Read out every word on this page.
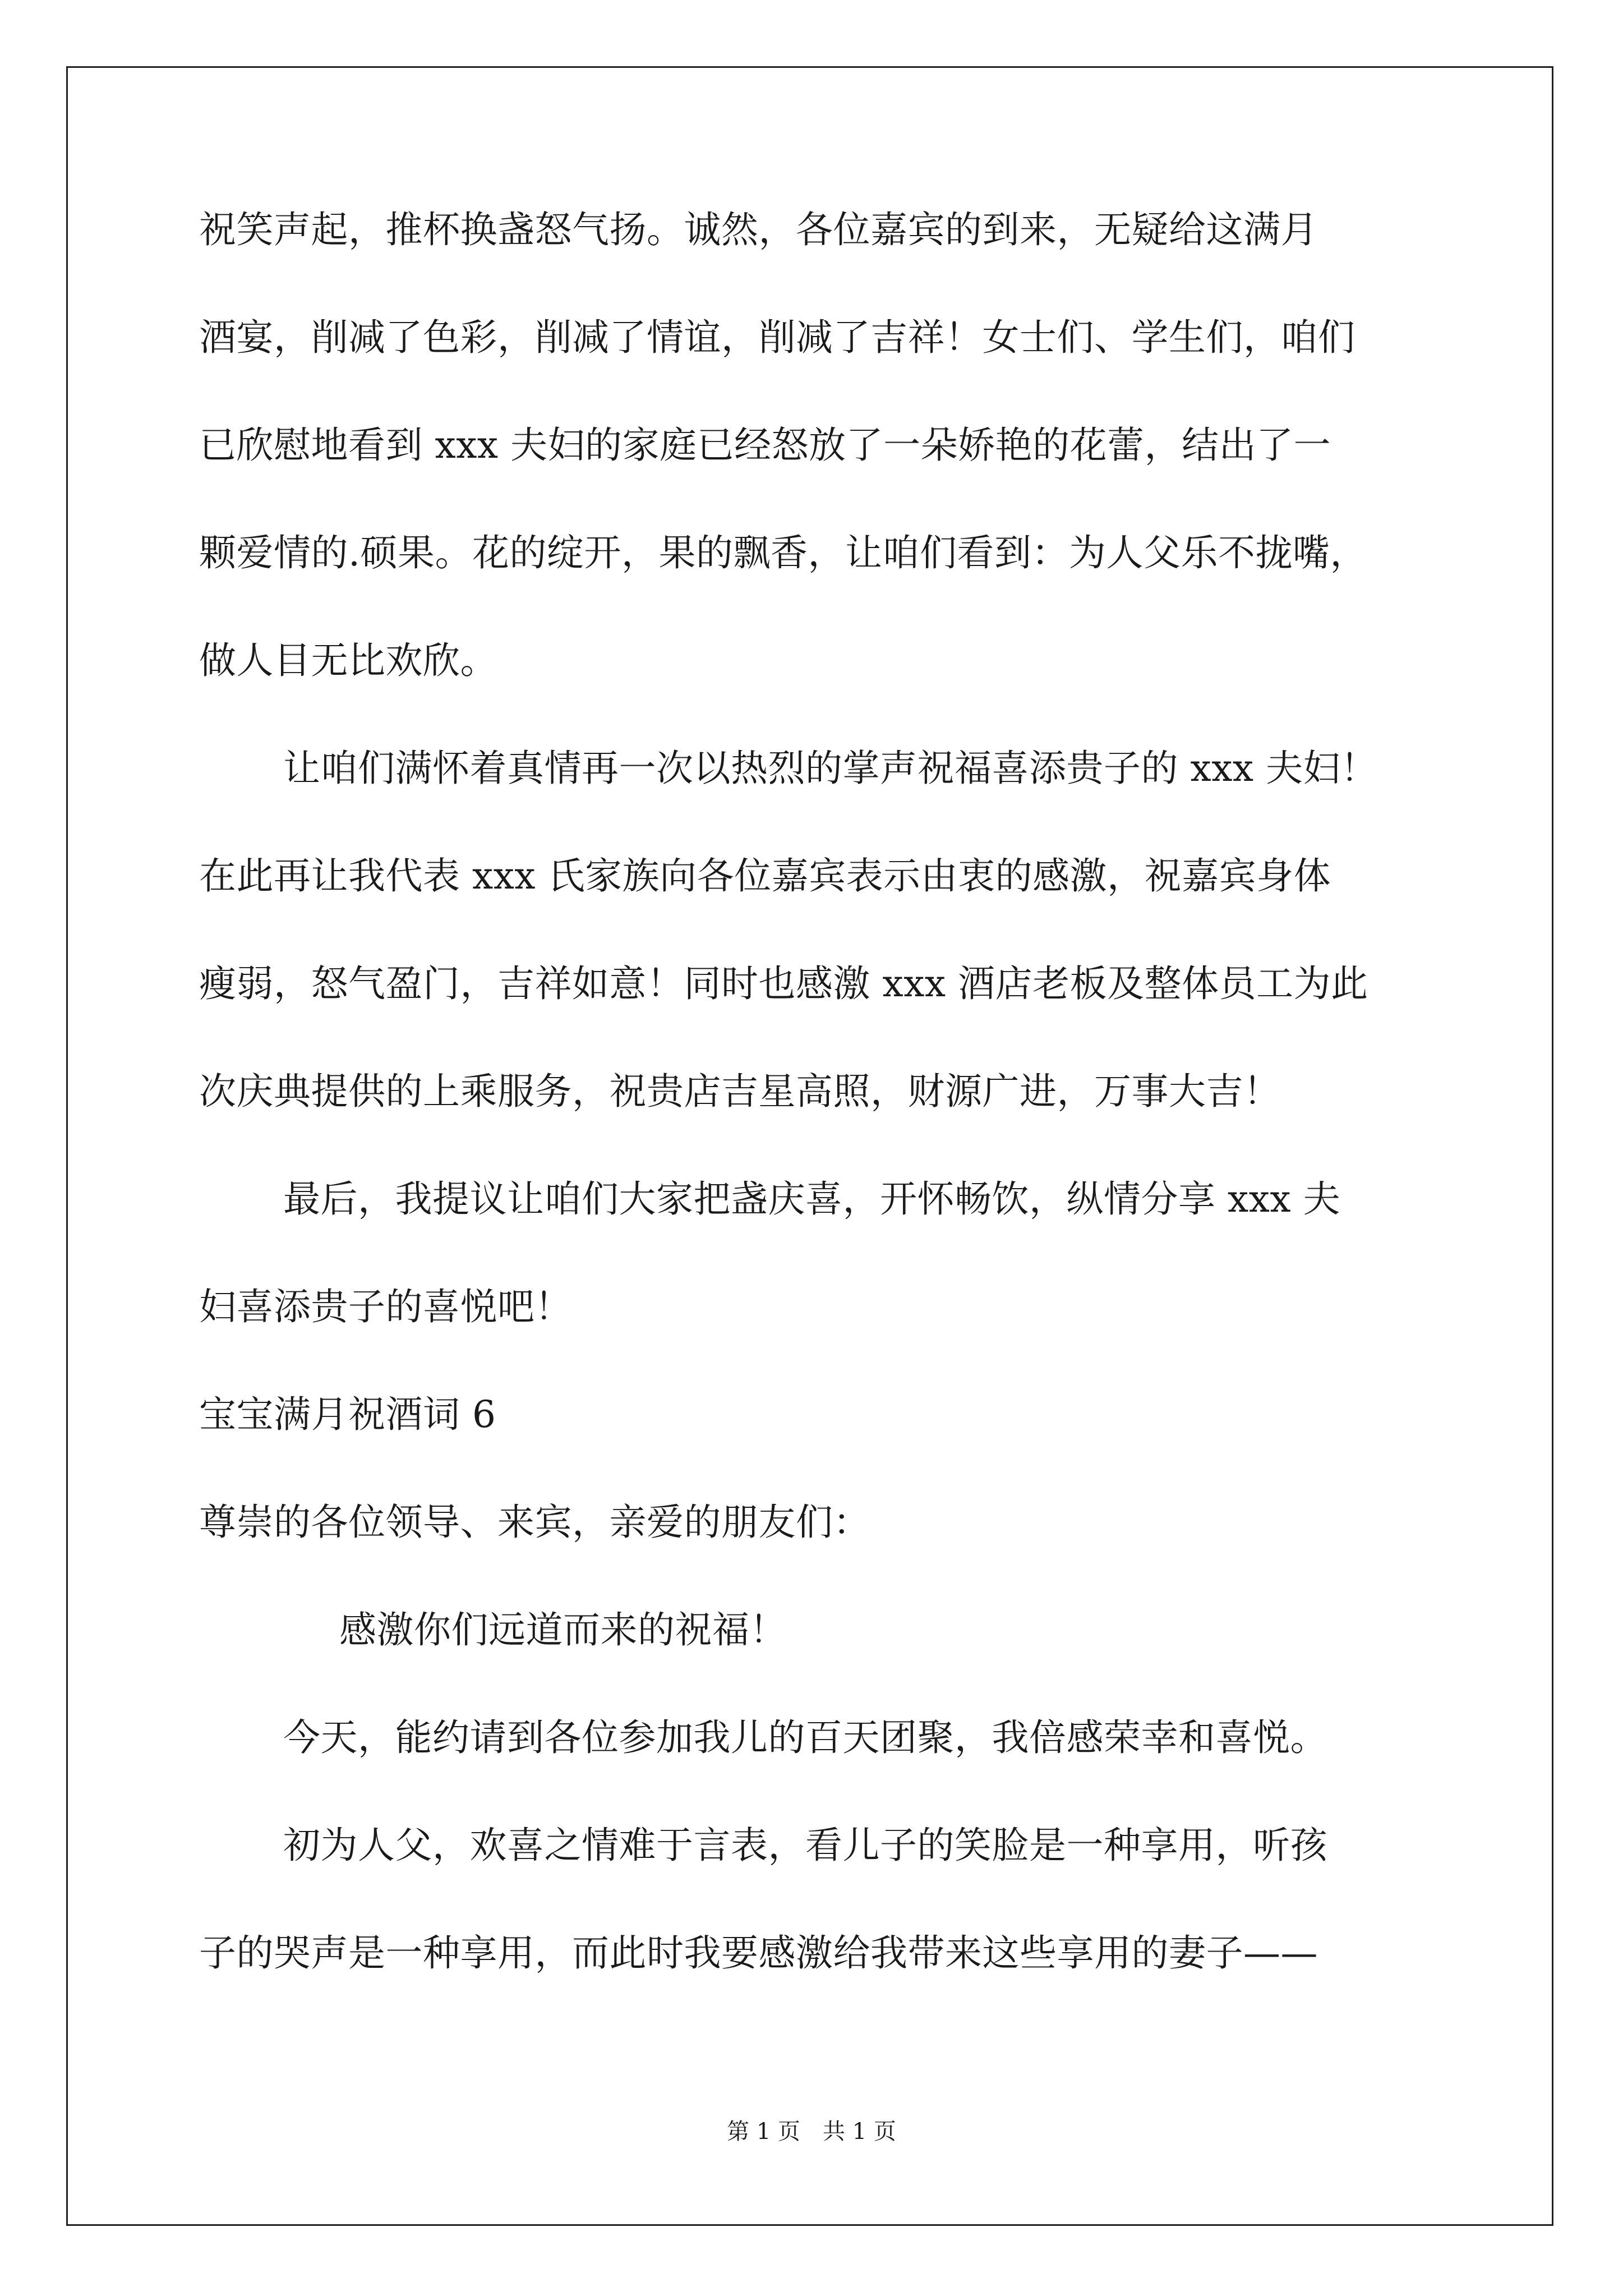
祝笑声起，推杯换盏怒气扬。诚然，各位嘉宾的到来，无疑给这满月
酒宴，削减了色彩，削减了情谊，削减了吉祥！女士们、学生们，咱们
已欣慰地看到 xxx 夫妇的家庭已经怒放了一朵娇艳的花蕾，结出了一
颗爱情的.硕果。花的绽开，果的飘香，让咱们看到：为人父乐不拢嘴，
做人目无比欢欣。
让咱们满怀着真情再一次以热烈的掌声祝福喜添贵子的 xxx 夫妇！
在此再让我代表 xxx 氏家族向各位嘉宾表示由衷的感激，祝嘉宾身体
瘦弱，怒气盈门，吉祥如意！同时也感激 xxx 酒店老板及整体员工为此
次庆典提供的上乘服务，祝贵店吉星高照，财源广进，万事大吉！
最后，我提议让咱们大家把盏庆喜，开怀畅饮，纵情分享 xxx 夫
妇喜添贵子的喜悦吧！
宝宝满月祝酒词 6
尊崇的各位领导、来宾，亲爱的朋友们：
感激你们远道而来的祝福！
今天，能约请到各位参加我儿的百天团聚，我倍感荣幸和喜悦。
初为人父，欢喜之情难于言表，看儿子的笑脸是一种享用，听孩
子的哭声是一种享用，而此时我要感激给我带来这些享用的妻子——
第 1 页　共 1 页
